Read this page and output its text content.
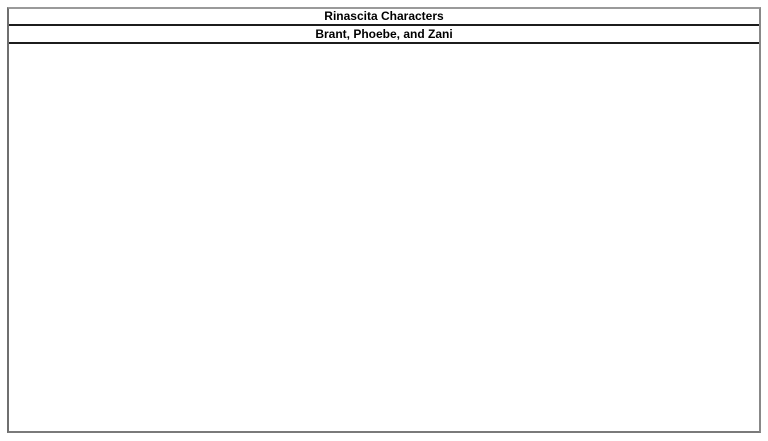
Rinascita Characters
Brant, Phoebe, and Zani
